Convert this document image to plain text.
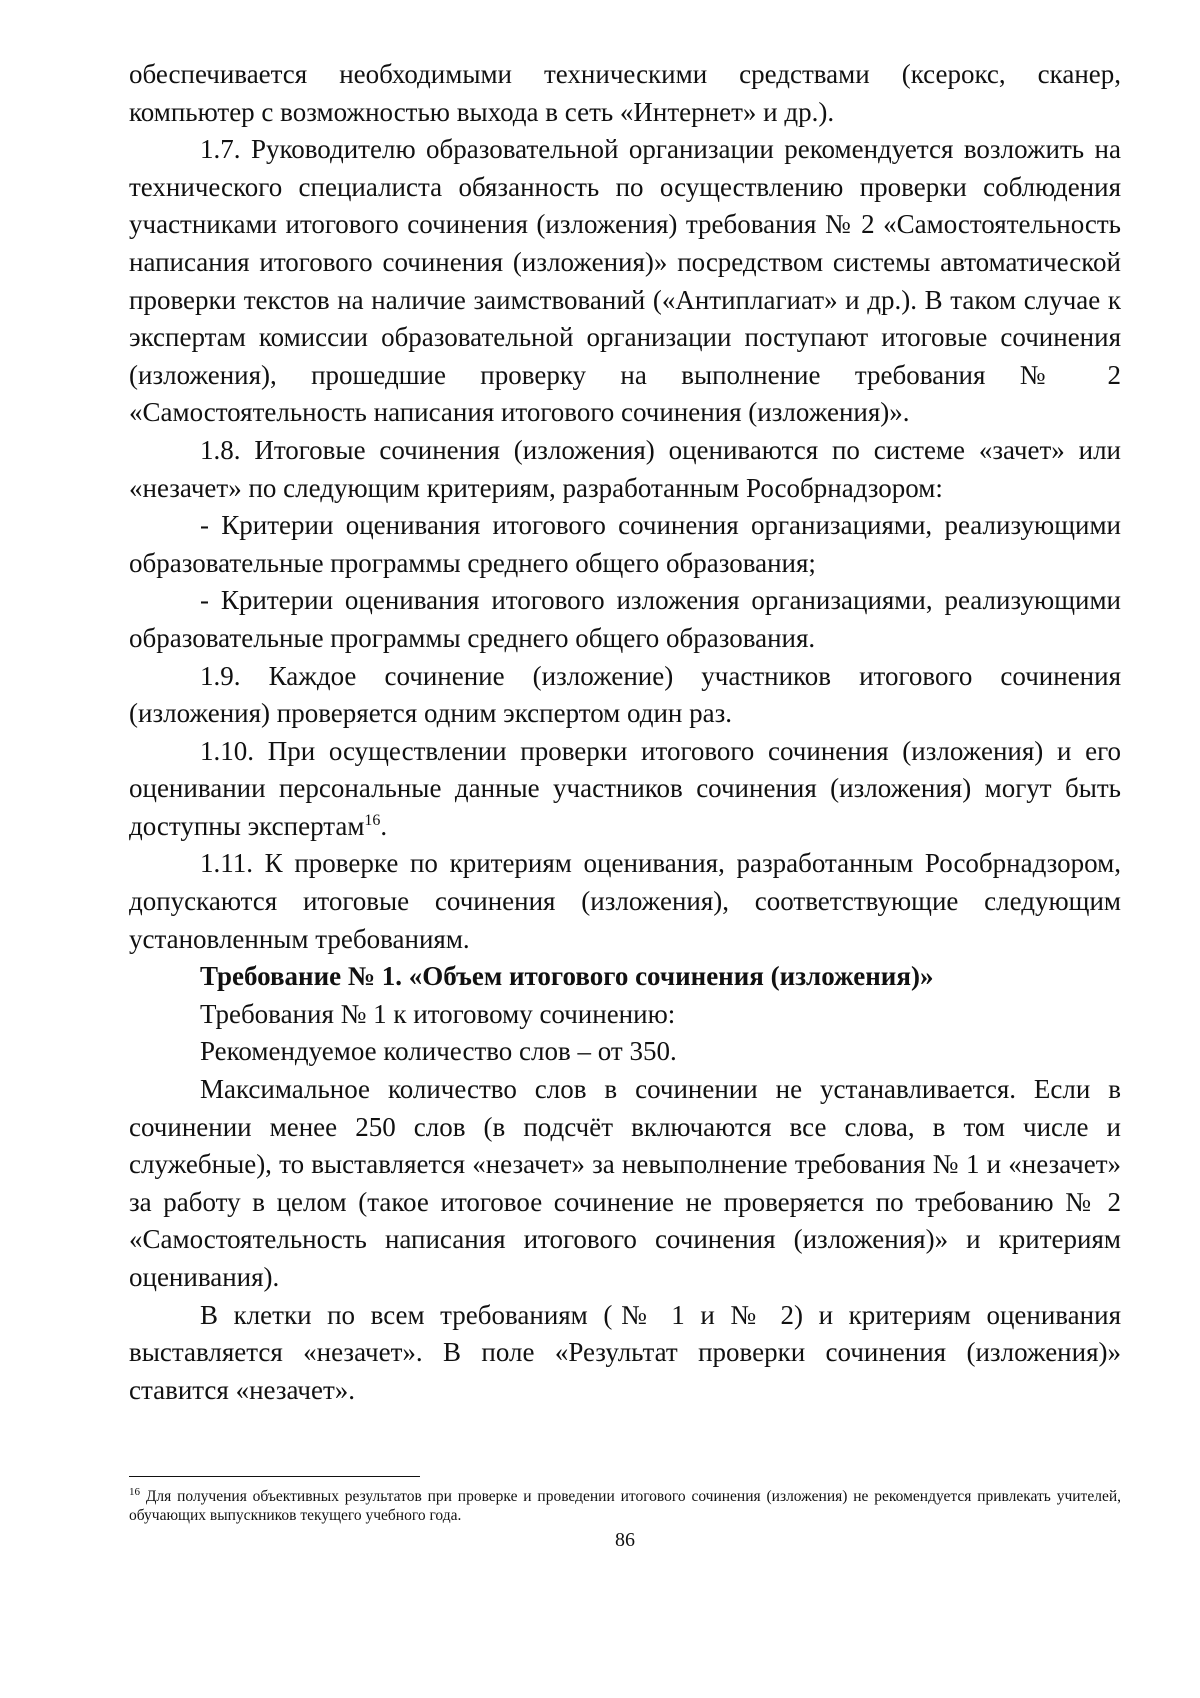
обеспечивается необходимыми техническими средствами (ксерокс, сканер, компьютер с возможностью выхода в сеть «Интернет» и др.).

1.7. Руководителю образовательной организации рекомендуется возложить на технического специалиста обязанность по осуществлению проверки соблюдения участниками итогового сочинения (изложения) требования № 2 «Самостоятельность написания итогового сочинения (изложения)» посредством системы автоматической проверки текстов на наличие заимствований («Антиплагиат» и др.). В таком случае к экспертам комиссии образовательной организации поступают итоговые сочинения (изложения), прошедшие проверку на выполнение требования № 2 «Самостоятельность написания итогового сочинения (изложения)».

1.8. Итоговые сочинения (изложения) оцениваются по системе «зачет» или «незачет» по следующим критериям, разработанным Рособрнадзором:

- Критерии оценивания итогового сочинения организациями, реализующими образовательные программы среднего общего образования;

- Критерии оценивания итогового изложения организациями, реализующими образовательные программы среднего общего образования.

1.9. Каждое сочинение (изложение) участников итогового сочинения (изложения) проверяется одним экспертом один раз.

1.10. При осуществлении проверки итогового сочинения (изложения) и его оценивании персональные данные участников сочинения (изложения) могут быть доступны экспертам$^{16}$.

1.11. К проверке по критериям оценивания, разработанным Рособрнадзором, допускаются итоговые сочинения (изложения), соответствующие следующим установленным требованиям.

Требование № 1. «Объем итогового сочинения (изложения)»

Требования № 1 к итоговому сочинению:

Рекомендуемое количество слов – от 350.

Максимальное количество слов в сочинении не устанавливается. Если в сочинении менее 250 слов (в подсчёт включаются все слова, в том числе и служебные), то выставляется «незачет» за невыполнение требования № 1 и «незачет» за работу в целом (такое итоговое сочинение не проверяется по требованию № 2 «Самостоятельность написания итогового сочинения (изложения)» и критериям оценивания).

В клетки по всем требованиям (№ 1 и № 2) и критериям оценивания выставляется «незачет». В поле «Результат проверки сочинения (изложения)» ставится «незачет».

$^{16}$ Для получения объективных результатов при проверке и проведении итогового сочинения (изложения) не рекомендуется привлекать учителей, обучающих выпускников текущего учебного года.
86
